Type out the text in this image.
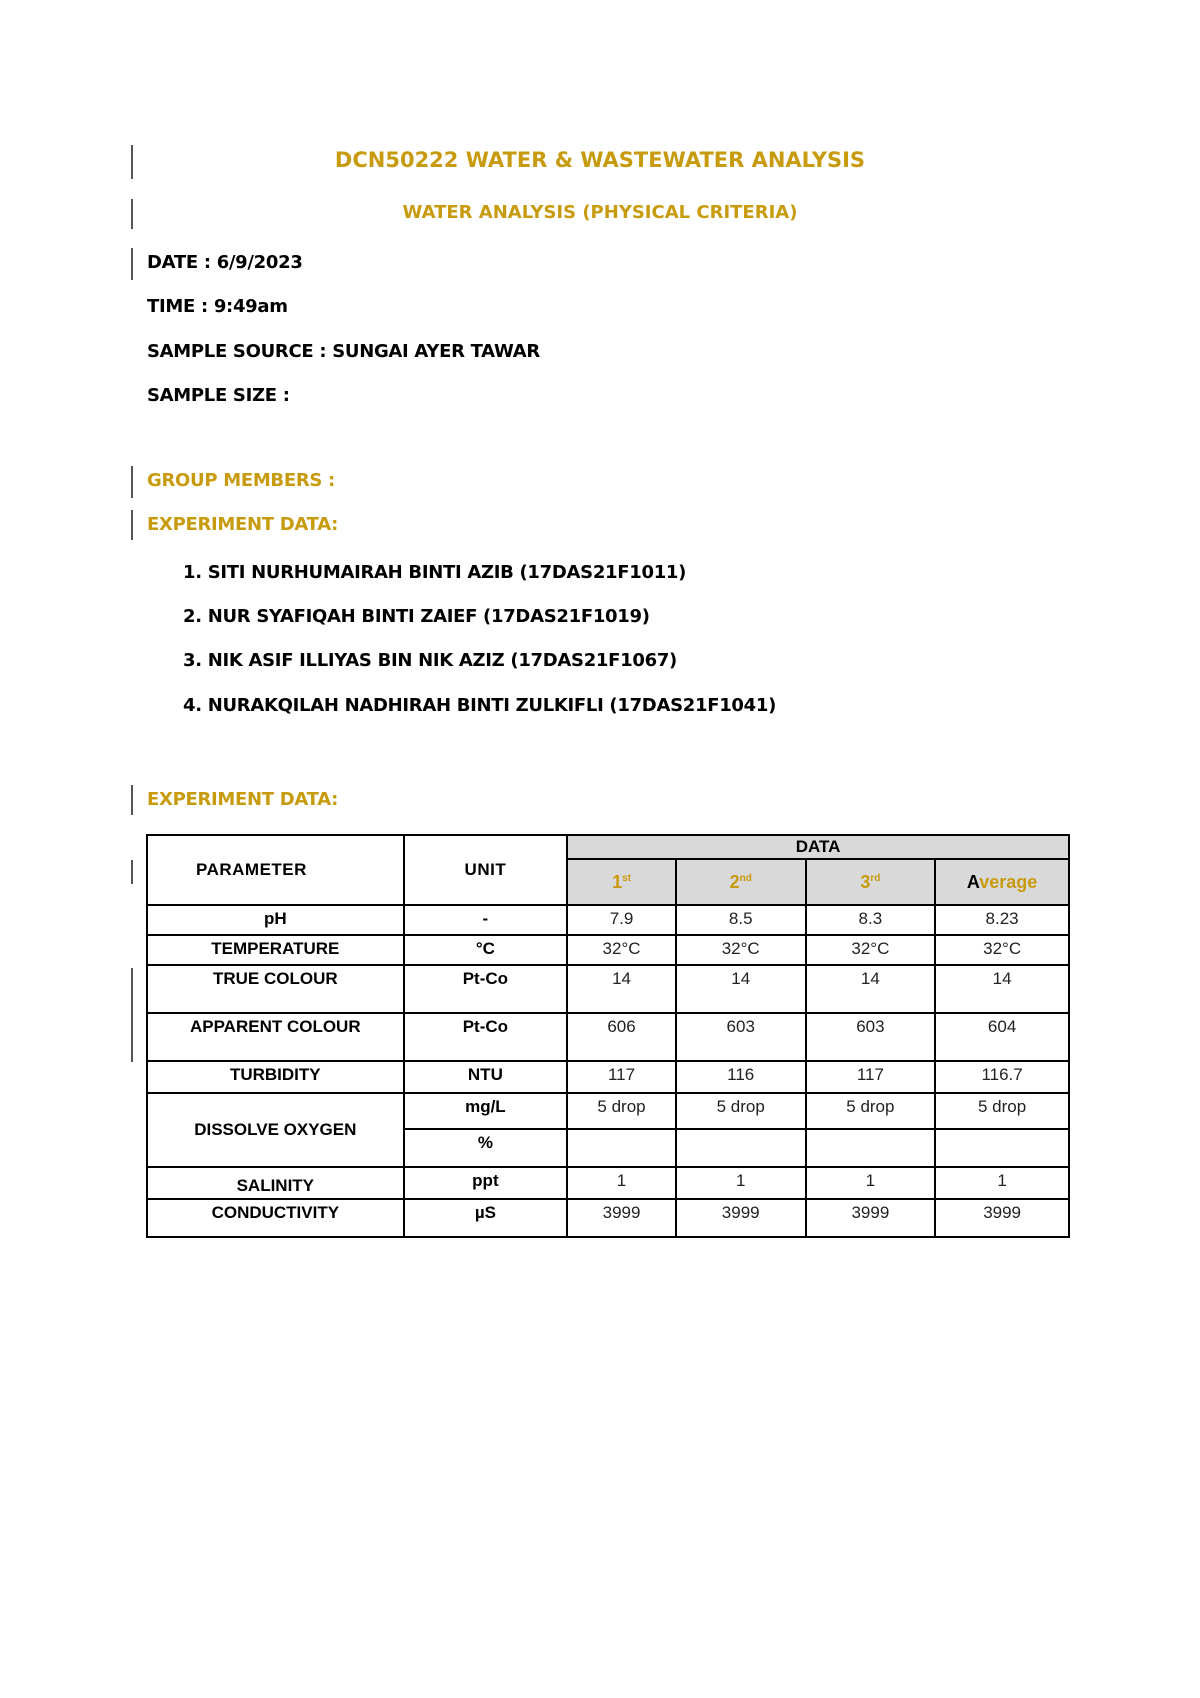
DCN50222 WATER & WASTEWATER ANALYSIS
WATER ANALYSIS (PHYSICAL CRITERIA)
DATE : 6/9/2023
TIME : 9:49am
SAMPLE SOURCE : SUNGAI AYER TAWAR
SAMPLE SIZE :
GROUP MEMBERS :
EXPERIMENT DATA:
1. SITI NURHUMAIRAH BINTI AZIB (17DAS21F1011)
2. NUR SYAFIQAH BINTI ZAIEF (17DAS21F1019)
3. NIK ASIF ILLIYAS BIN NIK AZIZ (17DAS21F1067)
4. NURAKQILAH NADHIRAH BINTI ZULKIFLI (17DAS21F1041)
EXPERIMENT DATA:
PARAMETER	UNIT	DATA			
		1st	2nd	3rd	Average
pH	-	7.9	8.5	8.3	8.23
TEMPERATURE	°C	32°C	32°C	32°C	32°C
TRUE COLOUR	Pt-Co	14	14	14	14
APPARENT COLOUR	Pt-Co	606	603	603	604
TURBIDITY	NTU	117	116	117	116.7
DISSOLVE OXYGEN	mg/L	5 drop	5 drop	5 drop	5 drop
	%				
SALINITY	ppt	1	1	1	1
CONDUCTIVITY	µS	3999	3999	3999	3999
